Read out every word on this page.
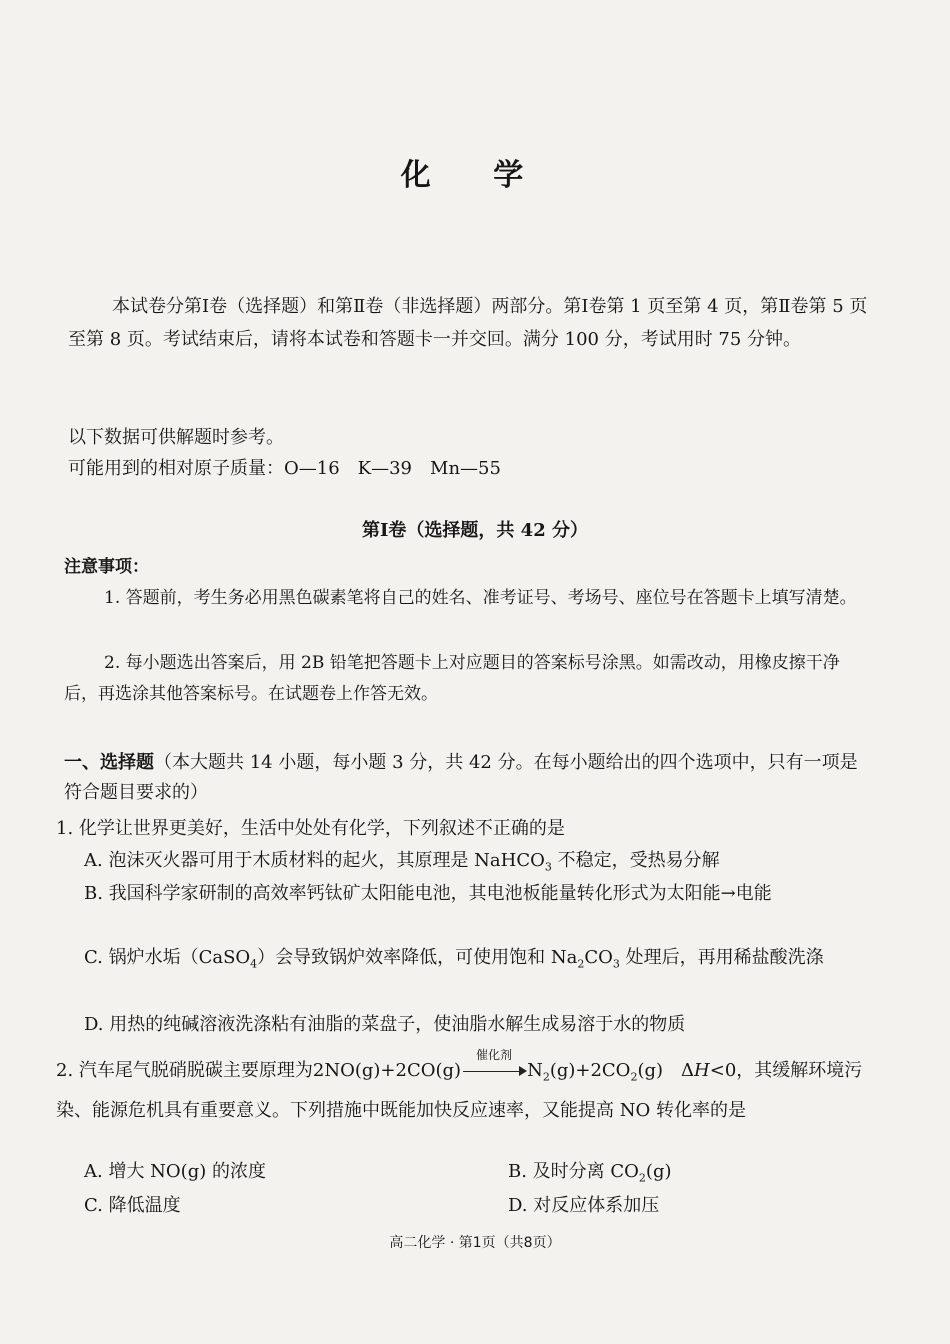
化 学
本试卷分第Ⅰ卷（选择题）和第Ⅱ卷（非选择题）两部分。第Ⅰ卷第 1 页至第 4 页，第Ⅱ卷第 5 页至第 8 页。考试结束后，请将本试卷和答题卡一并交回。满分 100 分，考试用时 75 分钟。
以下数据可供解题时参考。
可能用到的相对原子质量：O—16　K—39　Mn—55
第Ⅰ卷（选择题，共 42 分）
注意事项：
1. 答题前，考生务必用黑色碳素笔将自己的姓名、准考证号、考场号、座位号在答题卡上填写清楚。
2. 每小题选出答案后，用 2B 铅笔把答题卡上对应题目的答案标号涂黑。如需改动，用橡皮擦干净后，再选涂其他答案标号。在试题卷上作答无效。
一、选择题（本大题共 14 小题，每小题 3 分，共 42 分。在每小题给出的四个选项中，只有一项是符合题目要求的）
1. 化学让世界更美好，生活中处处有化学，下列叙述不正确的是
A. 泡沫灭火器可用于木质材料的起火，其原理是 NaHCO$_3$ 不稳定，受热易分解
B. 我国科学家研制的高效率钙钛矿太阳能电池，其电池板能量转化形式为太阳能→电能
C. 锅炉水垢（CaSO$_4$）会导致锅炉效率降低，可使用饱和 $Na_2CO_3$ 处理后，再用稀盐酸洗涤
D. 用热的纯碱溶液洗涤粘有油脂的菜盘子，使油脂水解生成易溶于水的物质
2. 汽车尾气脱硝脱碳主要原理为2NO(g)+2CO(g)
催化剂
$N_2(g)+2CO_2(g)$　ΔH<0，其缓解环境污染、能源危机具有重要意义。下列措施中既能加快反应速率，又能提高 NO 转化率的是
A. 增大 NO(g) 的浓度	B. 及时分离 $CO_2(g)$
C. 降低温度	D. 对反应体系加压
高二化学 · 第1页（共8页）
